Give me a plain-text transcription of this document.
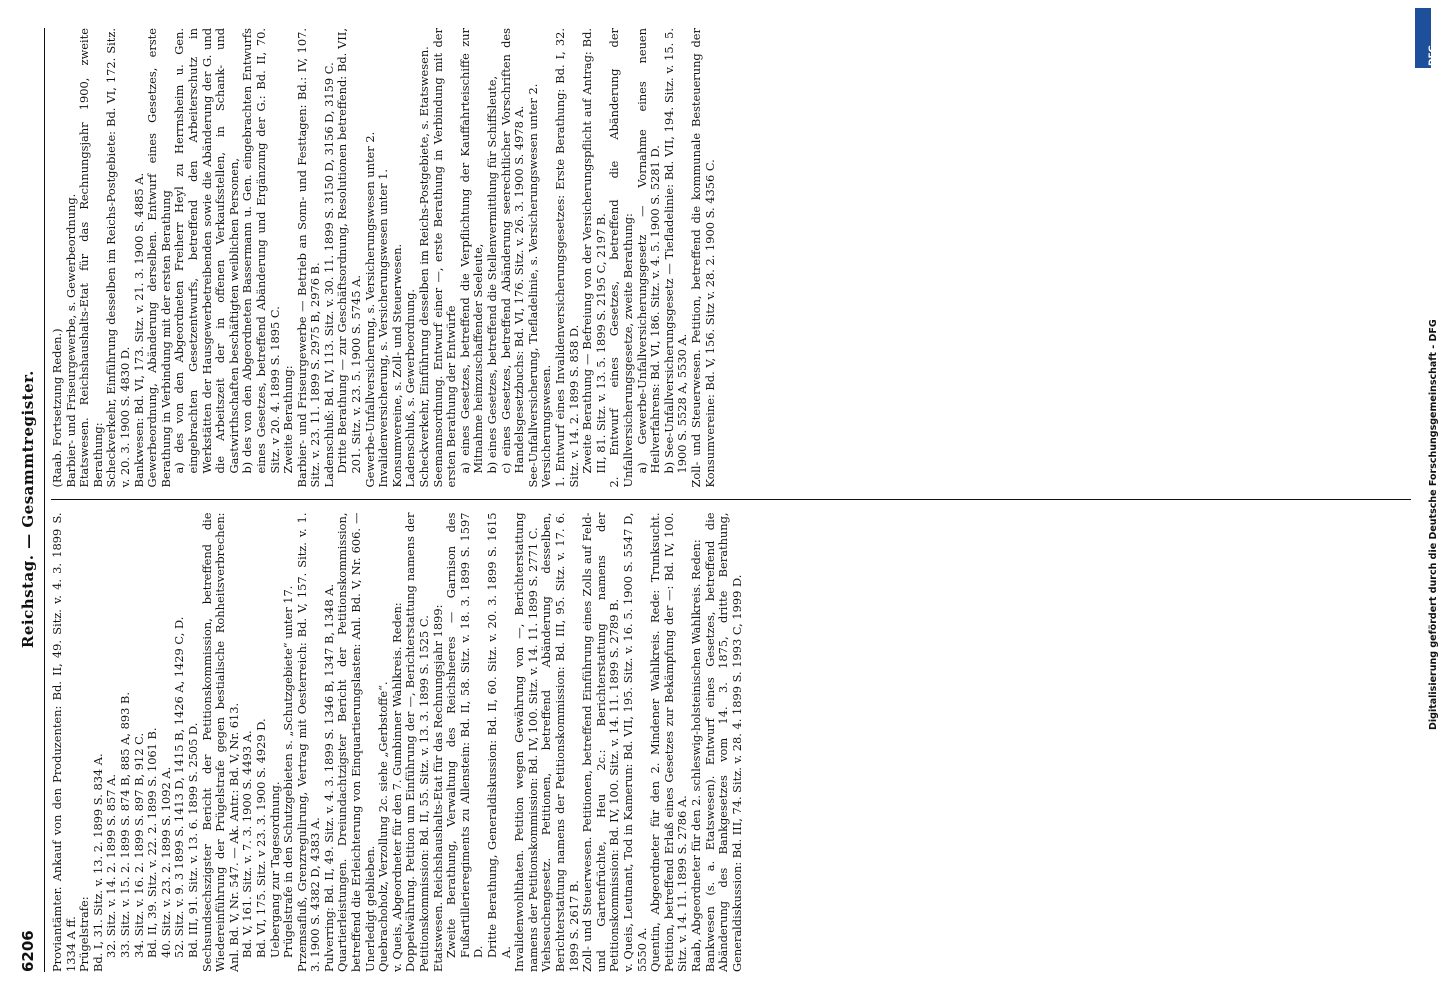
6206
Reichstag. — Gesammtregister.

Proviantämter. Ankauf von den Produzenten: Bd. II, 49. Sitz. v. 4. 3. 1899 S. 1334 A ff. Prügelstrafe: Bd. I, 31. Sitz. v. 13. 2. 1899 S. 834 A. 32. Sitz. v. 14. 2. 1899 S. 857 A. 33. Sitz. v. 15. 2. 1899 S. 874 B, 885 A, 893 B. 34. Sitz. v. 16. 2. 1899 S. 897 B, 912 C. Bd. II, 39. Sitz. v. 22. 2. 1899 S. 1061 B. 40. Sitz. v. 23. 2. 1899 S. 1092 A. 52. Sitz. v. 9. 3 1899 S. 1413 D, 1415 B, 1426 A, 1429 C, D. Bd. III, 91. Sitz. v. 13. 6. 1899 S. 2505 D. Sechsundsechszigster Bericht der Petitionskommission, betreffend die Wiedereinführung der Prügelstrafe gegen bestialische Rohheitsverbrechen: Anl. Bd. V, Nr. 547. — Ak. Antr.: Bd. V, Nr. 613. Bd. V, 161. Sitz. v. 7. 3. 1900 S. 4493 A. Bd. VI, 175. Sitz. v 23. 3. 1900 S. 4929 D. Uebergang zur Tagesordnung. Prügelstrafe in den Schutzgebieten s. „Schutzgebiete“ unter 17. Przemsafluß, Grenzregulirung, Vertrag mit Oesterreich: Bd. V, 157. Sitz. v. 1. 3. 1900 S. 4382 D, 4383 A. Pulverring: Bd. II, 49. Sitz. v. 4. 3. 1899 S. 1346 B, 1347 B, 1348 A. Quartierleistungen. Dreiundachtzigster Bericht der Petitionskommission, betreffend die Erleichterung von Einquartierungslasten: Anl. Bd. V, Nr. 606. — Unerledigt geblieben. Quebrachoholz, Verzollung 2c. siehe „Gerbstoffe“. v. Queis, Abgeordneter für den 7. Gumbinner Wahlkreis. Reden: Doppelwährung. Petition um Einführung der —, Berichterstattung namens der Petitionskommission: Bd. II, 55. Sitz. v. 13. 3. 1899 S. 1525 C. Etatswesen. Reichshaushalts-Etat für das Rechnungsjahr 1899: Zweite Berathung, Verwaltung des Reichsheeres — Garnison des Fußartillerieregiments zu Allenstein: Bd. II, 58. Sitz. v. 18. 3. 1899 S. 1597 D. Dritte Berathung, Generaldiskussion: Bd. II, 60. Sitz. v. 20. 3. 1899 S. 1615 A. Invalidenwohlthaten. Petition wegen Gewährung von —, Berichterstattung namens der Petitionskommission: Bd. IV, 100. Sitz. v. 14. 11. 1899 S. 2771 C. Viehseuchengesetz. Petitionen, betreffend Abänderung desselben, Berichterstattung namens der Petitionskommission: Bd. III, 95. Sitz. v. 17. 6. 1899 S. 2617 B. Zoll- und Steuerwesen. Petitionen, betreffend Einführung eines Zolls auf Feld- und Gartenfrüchte, Heu 2c.: Berichterstattung namens der Petitionskommission: Bd. IV, 100. Sitz. v. 14. 11. 1899 S. 2789 B. v. Queis, Leutnant, Tod in Kamerun: Bd. VII, 195. Sitz. v. 16. 5. 1900 S. 5547 D, 5550 A. Quentin, Abgeordneter für den 2. Mindener Wahlkreis. Rede: Trunksucht. Petition, betreffend Erlaß eines Gesetzes zur Bekämpfung der —: Bd. IV, 100. Sitz. v. 14. 11. 1899 S. 2786 A. Raab, Abgeordneter für den 2. schleswig-holsteinischen Wahlkreis. Reden: Bankwesen (s. a. Etatswesen). Entwurf eines Gesetzes, betreffend die Abänderung des Bankgesetzes vom 14. 3. 1875, dritte Berathung, Generaldiskussion: Bd. III, 74. Sitz. v. 28. 4. 1899 S. 1993 C, 1999 D.

(Raab. Fortsetzung Reden.) Barbier- und Friseurgewerbe, s. Gewerbeordnung. Etatswesen. Reichshaushalts-Etat für das Rechnungsjahr 1900, zweite Berathung: Scheckverkehr, Einführung desselben im Reichs-Postgebiete: Bd. VI, 172. Sitz. v. 20. 3. 1900 S. 4830 D. Bankwesen: Bd. VI, 173. Sitz. v. 21. 3. 1900 S. 4885 A. Gewerbeordnung, Abänderung derselben. Entwurf eines Gesetzes, erste Berathung in Verbindung mit der ersten Berathung a) des von den Abgeordneten Freiherr Heyl zu Herrnsheim u. Gen. eingebrachten Gesetzentwurfs, betreffend den Arbeiterschutz in Werkstätten der Hausgewerbetreibenden sowie die Abänderung der G. und die Arbeitszeit der in offenen Verkaufsstellen, in Schank- und Gastwirthschaften beschäftigten weiblichen Personen, b) des von den Abgeordneten Bassermann u. Gen. eingebrachten Entwurfs eines Gesetzes, betreffend Abänderung und Ergänzung der G.: Bd. II, 70. Sitz. v 20. 4. 1899 S. 1895 C. Zweite Berathung: Barbier- und Friseurgewerbe — Betrieb an Sonn- und Festtagen: Bd.: IV, 107. Sitz. v. 23. 11. 1899 S. 2975 B, 2976 B. Ladenschluß: Bd. IV, 113. Sitz. v. 30. 11. 1899 S. 3150 D, 3156 D, 3159 C. Dritte Berathung — zur Geschäftsordnung, Resolutionen betreffend: Bd. VII, 201. Sitz. v. 23. 5. 1900 S. 5745 A. Gewerbe-Unfallversicherung, s. Versicherungswesen unter 2. Invalidenversicherung, s. Versicherungswesen unter 1. Konsumvereine, s. Zoll- und Steuerwesen. Ladenschluß, s. Gewerbeordnung. Scheckverkehr, Einführung desselben im Reichs-Postgebiete, s. Etatswesen. Seemannsordnung. Entwurf einer —, erste Berathung in Verbindung mit der ersten Berathung der Entwürfe a) eines Gesetzes, betreffend die Verpflichtung der Kauffahrteischiffe zur Mitnahme heimzuschaffender Seeleute, b) eines Gesetzes, betreffend die Stellenvermittlung für Schiffsleute, c) eines Gesetzes, betreffend Abänderung seerechtlicher Vorschriften des Handelsgesetzbuchs: Bd. VI, 176. Sitz. v. 26. 3. 1900 S. 4978 A. See-Unfallversicherung, Tiefladelinie, s. Versicherungswesen unter 2. Versicherungswesen. 1. Entwurf eines Invalidenversicherungsgesetzes: Erste Berathung: Bd. I, 32. Sitz. v. 14. 2. 1899 S. 858 D. Zweite Berathung — Befreiung von der Versicherungspflicht auf Antrag: Bd. III, 81. Sitz. v. 13. 5. 1899 S. 2195 C, 2197 B. 2. Entwurf eines Gesetzes, betreffend die Abänderung der Unfallversicherungsgesetze, zweite Berathung: a) Gewerbe-Unfallversicherungsgesetz — Vornahme eines neuen Heilverfahrens: Bd. VI, 186. Sitz. v. 4. 5. 1900 S. 5281 D. b) See-Unfallversicherungsgesetz — Tiefladelinie: Bd. VII, 194. Sitz. v. 15. 5. 1900 S. 5528 A, 5530 A. Zoll- und Steuerwesen. Petition, betreffend die kommunale Besteuerung der Konsumvereine: Bd. V, 156. Sitz v. 28. 2. 1900 S. 4356 C.	Digitalisierung gefördert durch die Deutsche Forschungsgemeinschaft - DFG
DFG
